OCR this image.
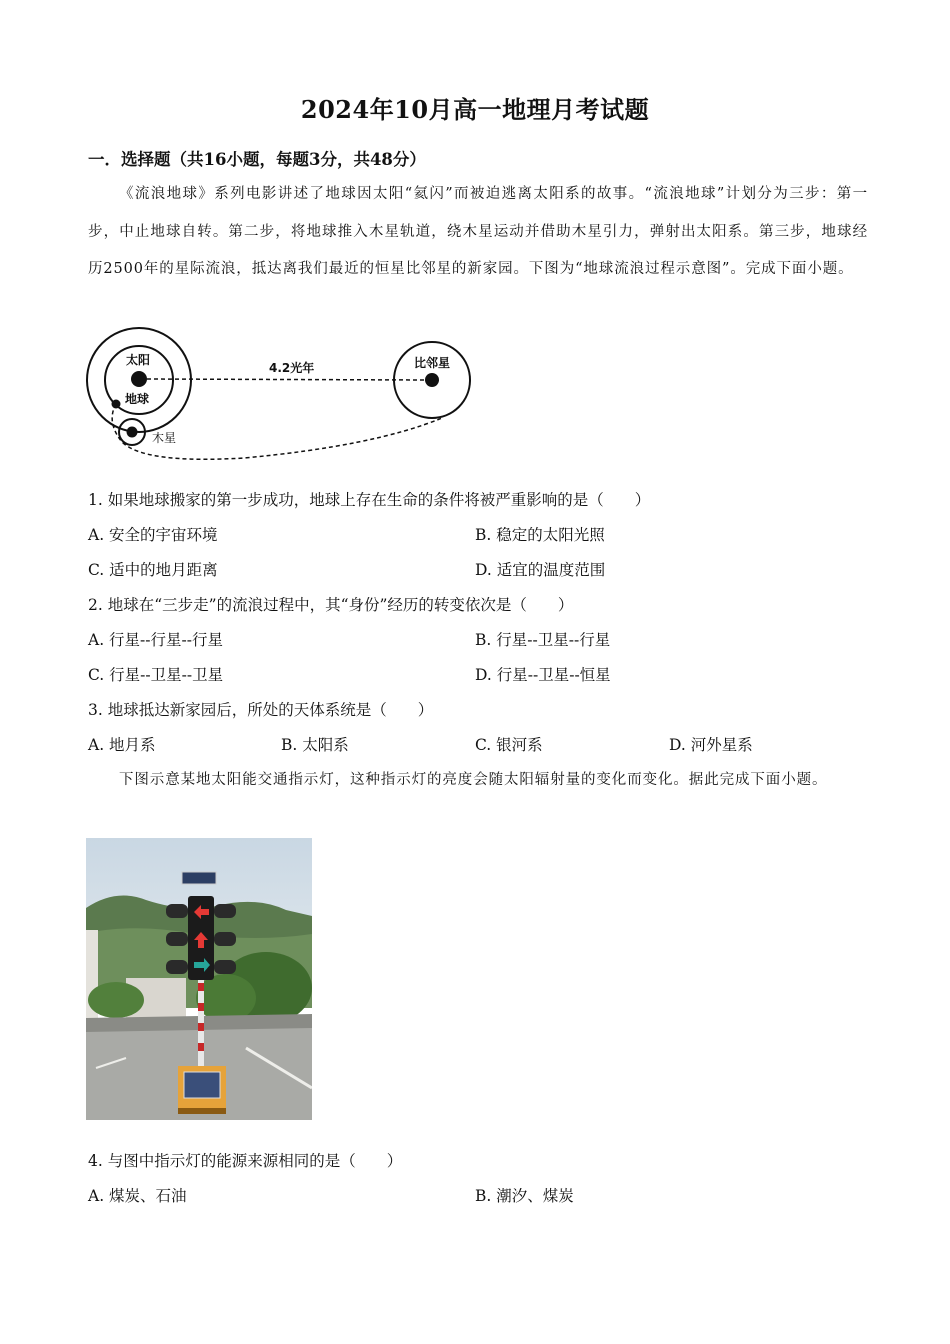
2024年10月高一地理月考试题
一．选择题（共16小题，每题3分，共48分）
《流浪地球》系列电影讲述了地球因太阳“氦闪”而被迫逃离太阳系的故事。“流浪地球”计划分为三步：第一步，中止地球自转。第二步，将地球推入木星轨道，绕木星运动并借助木星引力，弹射出太阳系。第三步，地球经历2500年的星际流浪，抵达离我们最近的恒星比邻星的新家园。下图为“地球流浪过程示意图”。完成下面小题。
太阳
地球
木星
比邻星
4.2光年
1. 如果地球搬家的第一步成功，地球上存在生命的条件将被严重影响的是（　　）
A. 安全的宇宙环境	B. 稳定的太阳光照
C. 适中的地月距离	D. 适宜的温度范围
2. 地球在“三步走”的流浪过程中，其“身份”经历的转变依次是（　　）
A. 行星--行星--行星	B. 行星--卫星--行星
C. 行星--卫星--卫星	D. 行星--卫星--恒星
3. 地球抵达新家园后，所处的天体系统是（　　）
A. 地月系	B. 太阳系	C. 银河系	D. 河外星系
下图示意某地太阳能交通指示灯，这种指示灯的亮度会随太阳辐射量的变化而变化。据此完成下面小题。
4. 与图中指示灯的能源来源相同的是（　　）
A. 煤炭、石油	B. 潮汐、煤炭
